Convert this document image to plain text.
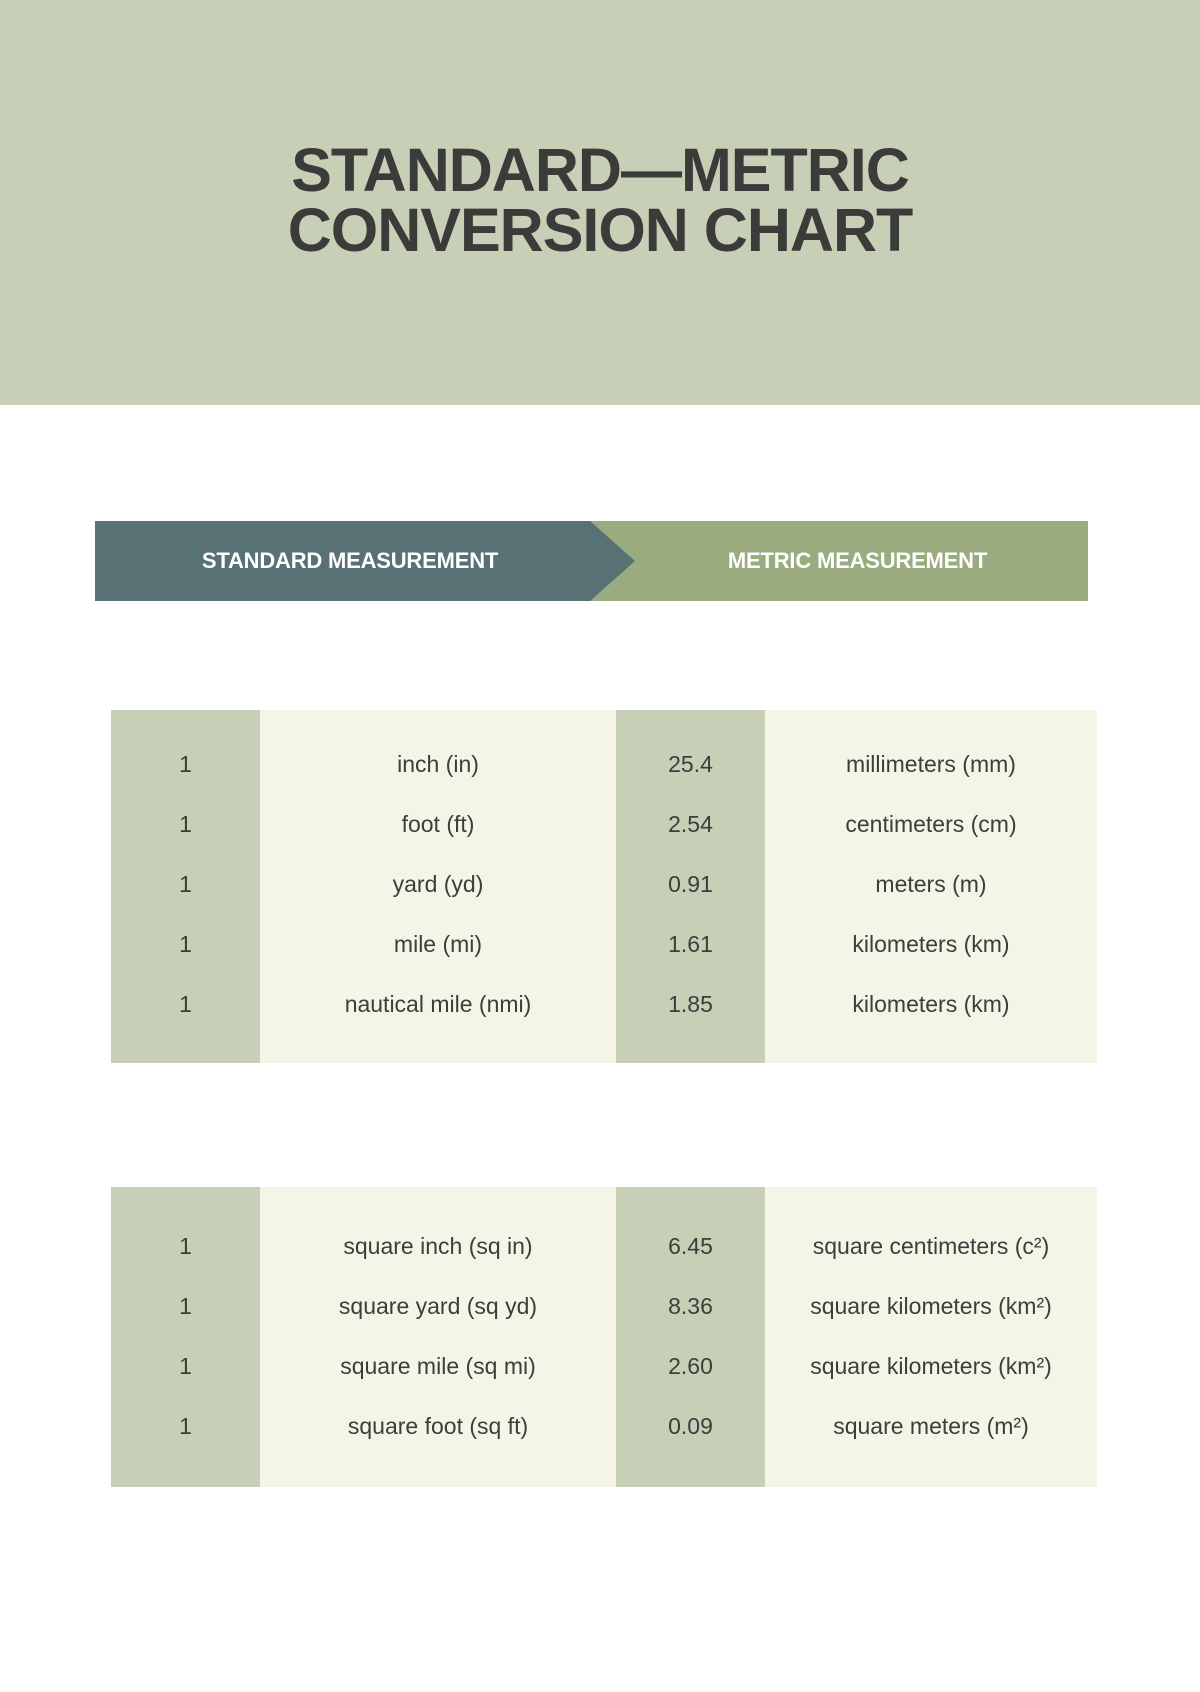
STANDARD—METRIC
CONVERSION CHART
STANDARD MEASUREMENT	METRIC MEASUREMENT
1	inch (in)	25.4	millimeters (mm)
1	foot (ft)	2.54	centimeters (cm)
1	yard (yd)	0.91	meters (m)
1	mile (mi)	1.61	kilometers (km)
1	nautical mile (nmi)	1.85	kilometers (km)
1	square inch (sq in)	6.45	square centimeters (c²)
1	square yard (sq yd)	8.36	square kilometers (km²)
1	square mile (sq mi)	2.60	square kilometers (km²)
1	square foot (sq ft)	0.09	square meters (m²)
